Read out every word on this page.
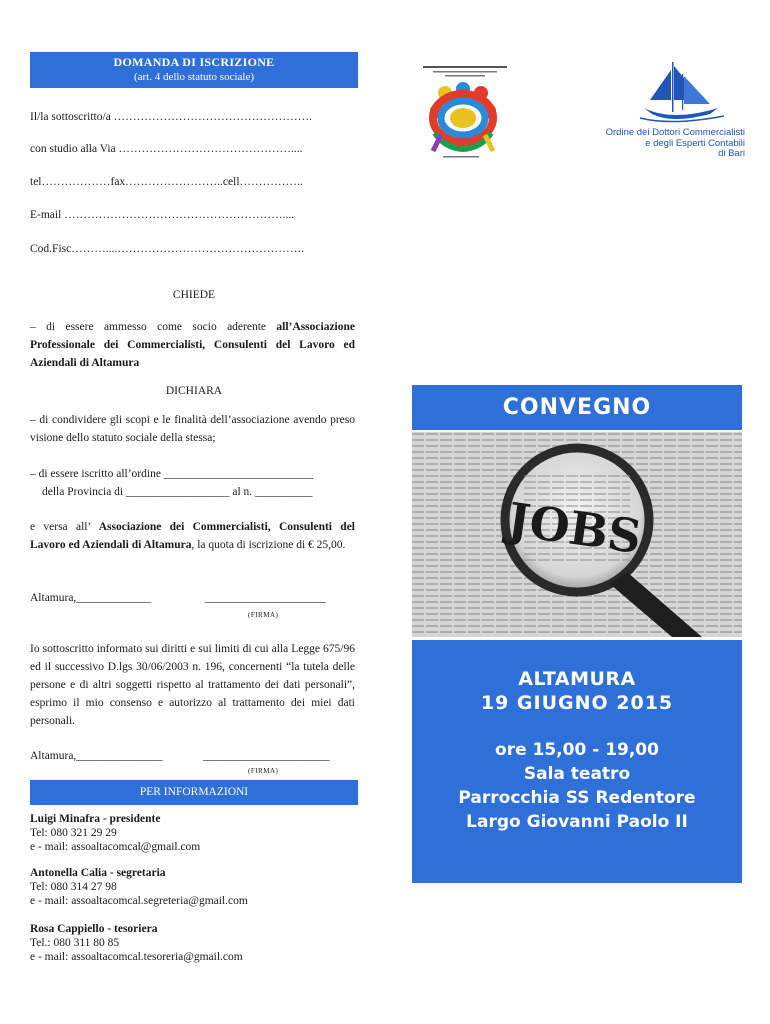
DOMANDA DI ISCRIZIONE
(art. 4 dello statuto sociale)
Il/la sottoscritto/a …………………………………………….
con studio alla Via ………………………………………....
tel………………fax……………………..cell……………..
E-mail …………………………………………………....
Cod.Fisc………....………………………………………….
CHIEDE
– di essere ammesso come socio aderente all’Associazione Professionale dei Commercialisti, Consulenti del Lavoro ed Aziendali di Altamura
DICHIARA
– di condividere gli scopi e le finalità dell’associazione avendo preso visione dello statuto sociale della stessa;
– di essere iscritto all’ordine __________________________
della Provincia di __________________ al n. __________
e versa all’ Associazione dei Commercialisti, Consulenti del Lavoro ed Aziendali di Altamura, la quota di iscrizione di € 25,00.
Altamura,_____________	_____________________
(FIRMA)
Io sottoscritto informato sui diritti e sui limiti di cui alla Legge 675/96 ed il successivo D.lgs 30/06/2003 n. 196, concernenti “la tutela delle persone e di altri soggetti rispetto al trattamento dei dati personali”, esprimo il mio consenso e autorizzo al trattamento dei miei dati personali.
Altamura,_______________	______________________
(FIRMA)
PER INFORMAZIONI
Luigi Minafra - presidente
Tel: 080 321 29 29
e - mail: assoaltacomcal@gmail.com
Antonella Calia - segretaria
Tel: 080 314 27 98
e - mail: assoaltacomcal.segreteria@gmail.com
Rosa Cappiello - tesoriera
Tel.: 080 311 80 85
e - mail: assoaltacomcal.tesoreria@gmail.com
Ordine dei Dottori Commercialisti
e degli Esperti Contabili
di Bari
CONVEGNO
JOBS
ALTAMURA
19 GIUGNO 2015
ore 15,00 - 19,00
Sala teatro
Parrocchia SS Redentore
Largo Giovanni Paolo II
